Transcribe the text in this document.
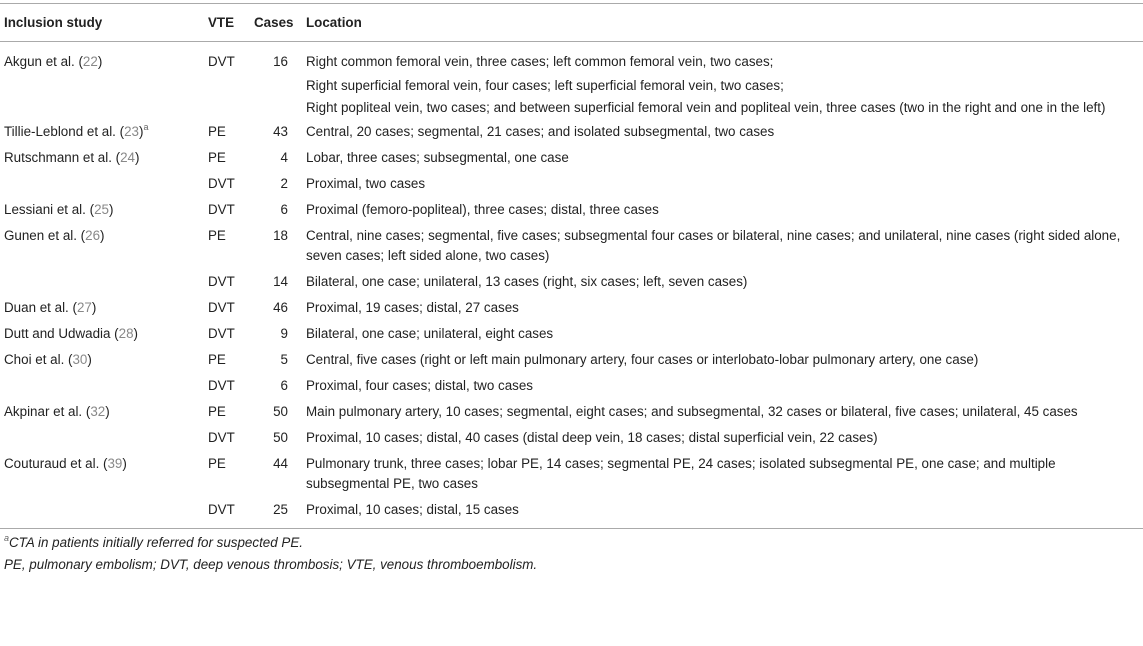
Inclusion study	VTE	Cases	Location
Akgun et al. (22)	DVT	16	Right common femoral vein, three cases; left common femoral vein, two cases;
			Right superficial femoral vein, four cases; left superficial femoral vein, two cases;
			Right popliteal vein, two cases; and between superficial femoral vein and popliteal vein, three cases (two in the right and one in the left)
Tillie-Leblond et al. $(23)^a$	PE	43	Central, 20 cases; segmental, 21 cases; and isolated subsegmental, two cases
Rutschmann et al. (24)	PE	4	Lobar, three cases; subsegmental, one case
	DVT	2	Proximal, two cases
Lessiani et al. (25)	DVT	6	Proximal (femoro-popliteal), three cases; distal, three cases
Gunen et al. (26)	PE	18	Central, nine cases; segmental, five cases; subsegmental four cases or bilateral, nine cases; and unilateral, nine cases (right sided alone, seven cases; left sided alone, two cases)
	DVT	14	Bilateral, one case; unilateral, 13 cases (right, six cases; left, seven cases)
Duan et al. (27)	DVT	46	Proximal, 19 cases; distal, 27 cases
Dutt and Udwadia (28)	DVT	9	Bilateral, one case; unilateral, eight cases
Choi et al. (30)	PE	5	Central, five cases (right or left main pulmonary artery, four cases or interlobato-lobar pulmonary artery, one case)
	DVT	6	Proximal, four cases; distal, two cases
Akpinar et al. (32)	PE	50	Main pulmonary artery, 10 cases; segmental, eight cases; and subsegmental, 32 cases or bilateral, five cases; unilateral, 45 cases
	DVT	50	Proximal, 10 cases; distal, 40 cases (distal deep vein, 18 cases; distal superficial vein, 22 cases)
Couturaud et al. (39)	PE	44	Pulmonary trunk, three cases; lobar PE, 14 cases; segmental PE, 24 cases; isolated subsegmental PE, one case; and multiple subsegmental PE, two cases
	DVT	25	Proximal, 10 cases; distal, 15 cases
$^a$CTA in patients initially referred for suspected PE.
PE, pulmonary embolism; DVT, deep venous thrombosis; VTE, venous thromboembolism.
